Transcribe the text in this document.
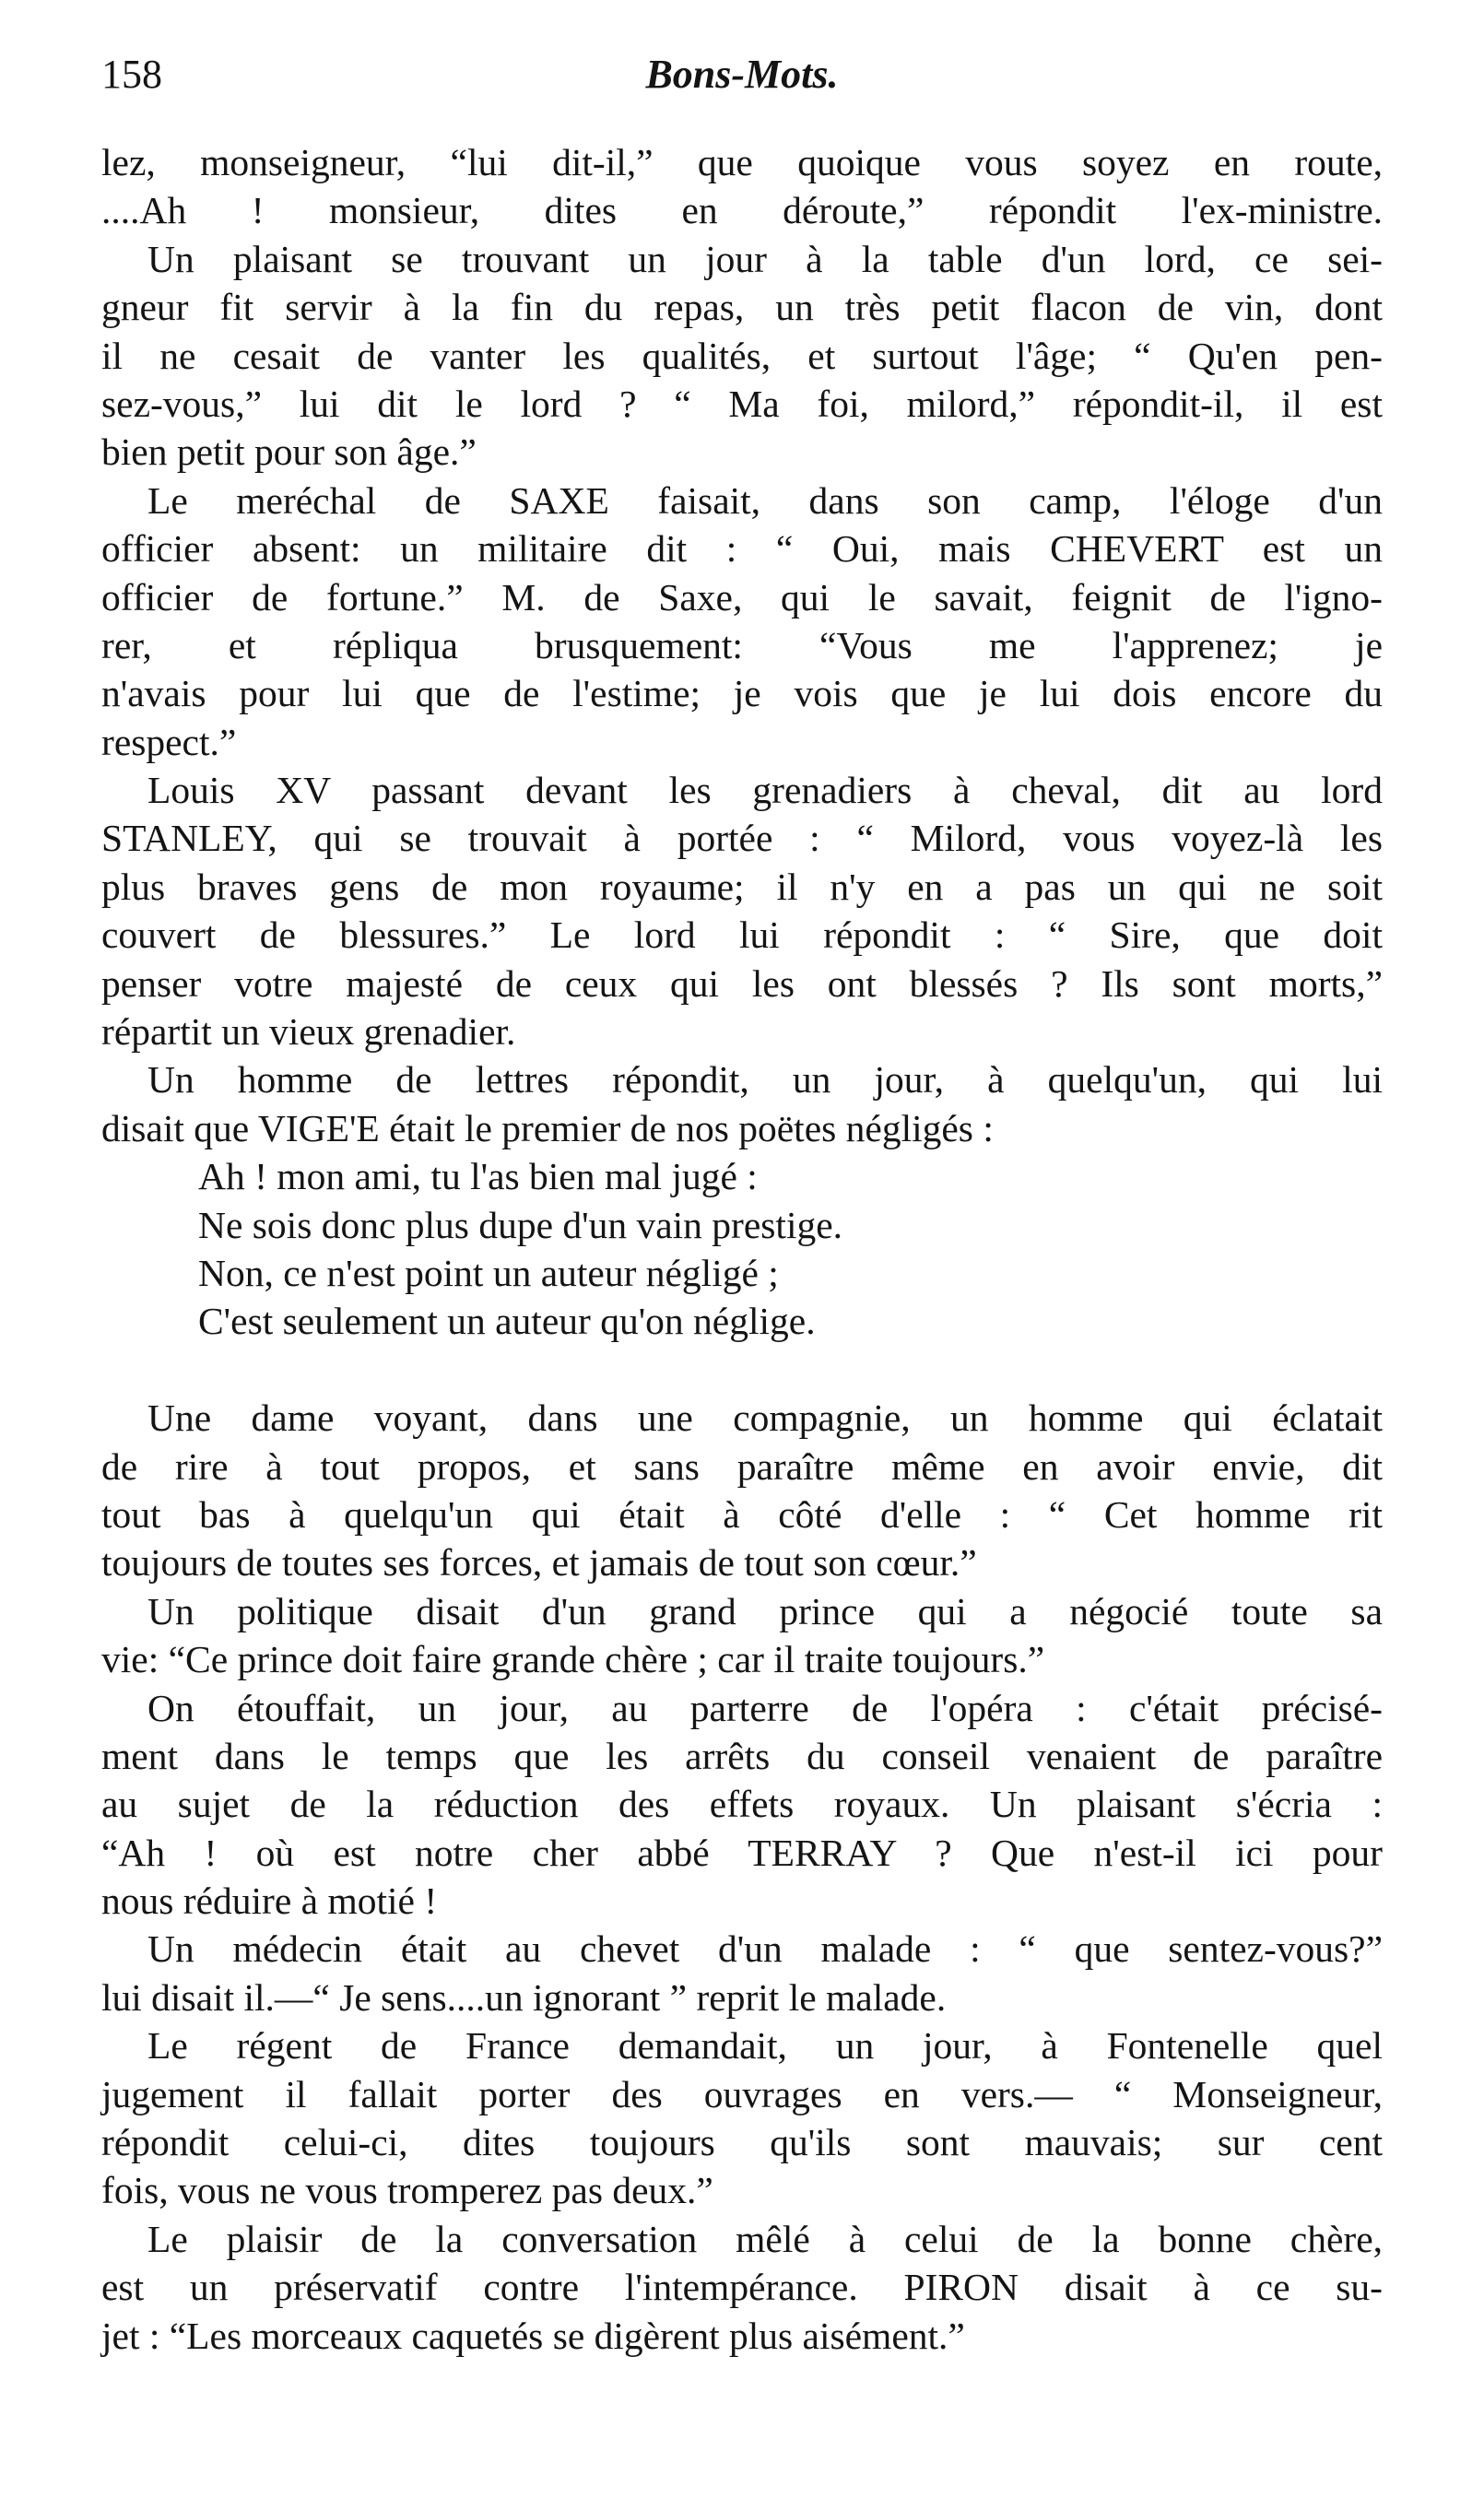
158	Bons-Mots.
lez, monseigneur, “lui dit-il,” que quoique vous soyez en route,
....Ah ! monsieur, dites en déroute,” répondit l'ex-ministre.
Un plaisant se trouvant un jour à la table d'un lord, ce sei-
gneur fit servir à la fin du repas, un très petit flacon de vin, dont
il ne cesait de vanter les qualités, et surtout l'âge; “ Qu'en pen-
sez-vous,” lui dit le lord ? “ Ma foi, milord,” répondit-il, il est
bien petit pour son âge.”
Le meréchal de SAXE faisait, dans son camp, l'éloge d'un
officier absent: un militaire dit : “ Oui, mais CHEVERT est un
officier de fortune.” M. de Saxe, qui le savait, feignit de l'igno-
rer, et répliqua brusquement: “Vous me l'apprenez; je
n'avais pour lui que de l'estime; je vois que je lui dois encore du
respect.”
Louis XV passant devant les grenadiers à cheval, dit au lord
STANLEY, qui se trouvait à portée : “ Milord, vous voyez-là les
plus braves gens de mon royaume; il n'y en a pas un qui ne soit
couvert de blessures.” Le lord lui répondit : “ Sire, que doit
penser votre majesté de ceux qui les ont blessés ? Ils sont morts,”
répartit un vieux grenadier.
Un homme de lettres répondit, un jour, à quelqu'un, qui lui
disait que VIGE'E était le premier de nos poëtes négligés :
Ah ! mon ami, tu l'as bien mal jugé :
Ne sois donc plus dupe d'un vain prestige.
Non, ce n'est point un auteur négligé ;
C'est seulement un auteur qu'on néglige.
Une dame voyant, dans une compagnie, un homme qui éclatait
de rire à tout propos, et sans paraître même en avoir envie, dit
tout bas à quelqu'un qui était à côté d'elle : “ Cet homme rit
toujours de toutes ses forces, et jamais de tout son cœur.”
Un politique disait d'un grand prince qui a négocié toute sa
vie: “Ce prince doit faire grande chère ; car il traite toujours.”
On étouffait, un jour, au parterre de l'opéra : c'était précisé-
ment dans le temps que les arrêts du conseil venaient de paraître
au sujet de la réduction des effets royaux. Un plaisant s'écria :
“Ah ! où est notre cher abbé TERRAY ? Que n'est-il ici pour
nous réduire à motié !
Un médecin était au chevet d'un malade : “ que sentez-vous?”
lui disait il.—“ Je sens....un ignorant ” reprit le malade.
Le régent de France demandait, un jour, à Fontenelle quel
jugement il fallait porter des ouvrages en vers.— “ Monseigneur,
répondit celui-ci, dites toujours qu'ils sont mauvais; sur cent
fois, vous ne vous tromperez pas deux.”
Le plaisir de la conversation mêlé à celui de la bonne chère,
est un préservatif contre l'intempérance. PIRON disait à ce su-
jet : “Les morceaux caquetés se digèrent plus aisément.”
